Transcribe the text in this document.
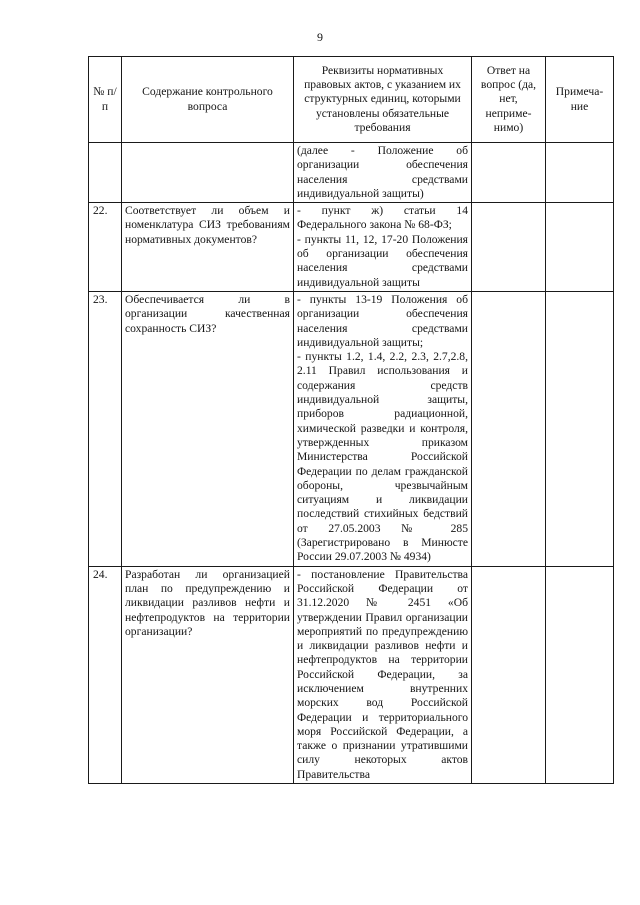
9
№ п/п	Содержание контрольного вопроса	Реквизиты нормативных правовых актов, с указанием их структурных единиц, которыми установлены обязательные требования	Ответ на вопрос (да, нет, неприме-нимо)	Примеча-ние

		(далее - Положение об организации обеспечения населения средствами индивидуальной защиты)		

22.	Соответствует ли объем и номенклатура СИЗ требованиям нормативных документов?	- пункт ж) статьи 14 Федерального закона № 68-ФЗ;
- пункты 11, 12, 17-20 Положения об организации обеспечения населения средствами индивидуальной защиты		

23.	Обеспечивается ли в организации качественная сохранность СИЗ?	- пункты 13-19 Положения об организации обеспечения населения средствами индивидуальной защиты;
- пункты 1.2, 1.4, 2.2, 2.3, 2.7,2.8, 2.11 Правил использования и содержания средств индивидуальной защиты, приборов радиационной, химической разведки и контроля, утвержденных приказом Министерства Российской Федерации по делам гражданской обороны, чрезвычайным ситуациям и ликвидации последствий стихийных бедствий от 27.05.2003 № 285 (Зарегистрировано в Минюсте России 29.07.2003 № 4934)		

24.	Разработан ли организацией план по предупреждению и ликвидации разливов нефти и нефтепродуктов на территории организации?	- постановление Правительства Российской Федерации от 31.12.2020 № 2451 «Об утверждении Правил организации мероприятий по предупреждению и ликвидации разливов нефти и нефтепродуктов на территории Российской Федерации, за исключением внутренних морских вод Российской Федерации и территориального моря Российской Федерации, а также о признании утратившими силу некоторых актов Правительства		
